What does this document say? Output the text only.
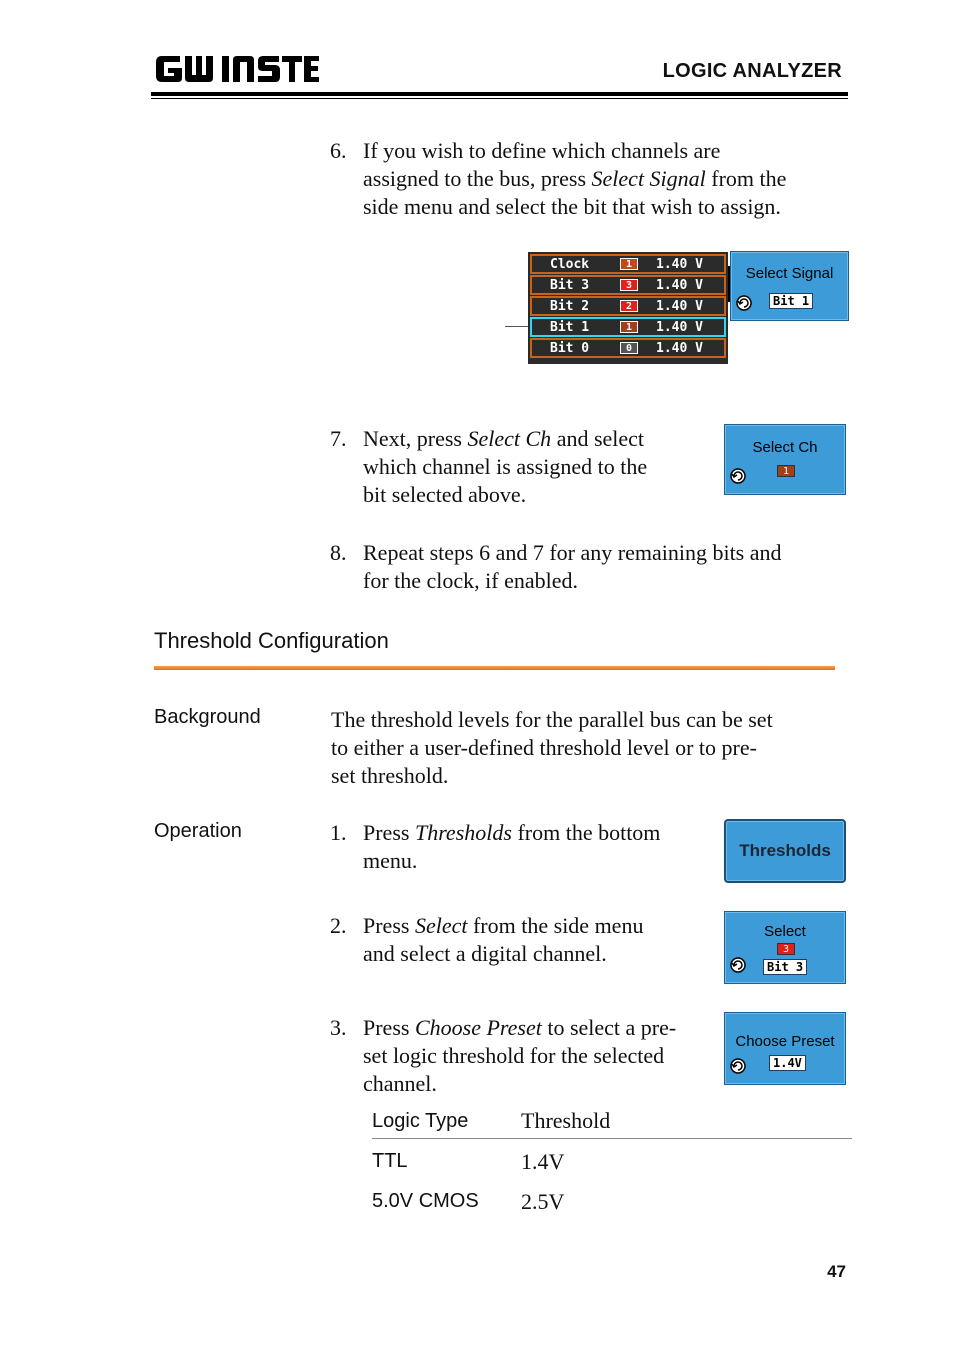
LOGIC ANALYZER
6. If you wish to define which channels are
assigned to the bus, press Select Signal from the
side menu and select the bit that wish to assign.
Clock	1	1.40 V
Bit 3	3	1.40 V
Bit 2	2	1.40 V
Bit 1	1	1.40 V
Bit 0	0	1.40 V
Select Signal
Bit 1
7. Next, press Select Ch and select
which channel is assigned to the
bit selected above.
Select Ch
1
8. Repeat steps 6 and 7 for any remaining bits and
for the clock, if enabled.
Threshold Configuration
Background	The threshold levels for the parallel bus can be set
to either a user-defined threshold level or to pre-
set threshold.
Operation	1. Press Thresholds from the bottom
menu.	Thresholds
2. Press Select from the side menu
and select a digital channel.
Select
3
Bit 3
3. Press Choose Preset to select a pre-
set logic threshold for the selected
channel.
Choose Preset
1.4V
Logic Type Threshold
TTL	1.4V
5.0V CMOS 2.5V
47
